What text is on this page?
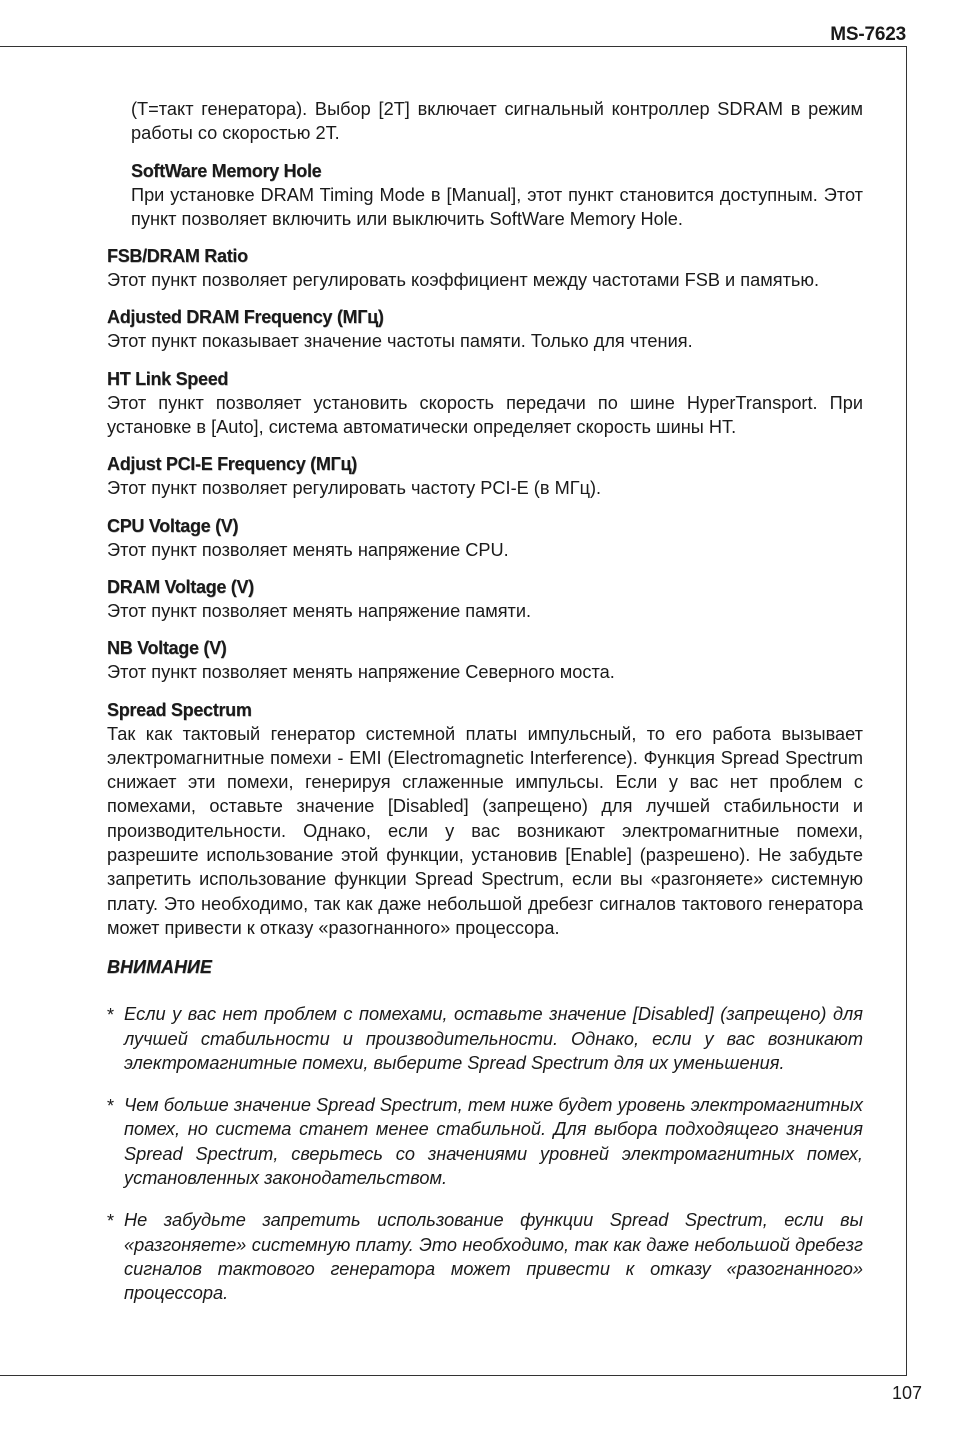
MS-7623

(T=такт генератора). Выбор [2T] включает сигнальный контроллер SDRAM в режим работы со скоростью 2T.

SoftWare Memory Hole

При установке DRAM Timing Mode в [Manual], этот пункт становится доступным. Этот пункт позволяет включить или выключить SoftWare Memory Hole.

FSB/DRAM Ratio

Этот пункт позволяет регулировать коэффициент между частотами FSB и памятью.

Adjusted DRAM Frequency (МГц)

Этот пункт показывает значение частоты памяти. Только для чтения.

HT Link Speed

Этот пункт позволяет установить скорость передачи по шине HyperTransport. При установке в [Auto], система автоматически определяет скорость шины HT.

Adjust PCI-E Frequency (МГц)

Этот пункт позволяет регулировать частоту PCI-E (в МГц).

CPU Voltage (V)

Этот пункт позволяет менять напряжение CPU.

DRAM Voltage (V)

Этот пункт позволяет менять напряжение памяти.

NB Voltage (V)

Этот пункт позволяет менять напряжение Северного моста.

Spread Spectrum

Так как тактовый генератор системной платы импульсный, то его работа вызывает электромагнитные помехи - EMI (Electromagnetic Interference). Функция Spread Spectrum снижает эти помехи, генерируя сглаженные импульсы. Если у вас нет проблем с помехами, оставьте значение [Disabled] (запрещено) для лучшей стабильности и производительности. Однако, если у вас возникают электромагнитные помехи, разрешите использование этой функции, установив [Enable] (разрешено). Не забудьте запретить использование функции Spread Spectrum, если вы «разгоняете» системную плату. Это необходимо, так как даже небольшой дребезг сигналов тактового генератора может привести к отказу «разогнанного» процессора.

ВНИМАНИЕ
* Если у вас нет проблем с помехами, оставьте значение [Disabled] (запрещено) для лучшей стабильности и производительности. Однако, если у вас возникают электромагнитные помехи, выберите Spread Spectrum для их уменьшения.
* Чем больше значение Spread Spectrum, тем ниже будет уровень электромагнитных помех, но система станет менее стабильной. Для выбора подходящего значения Spread Spectrum, сверьтесь со значениями уровней электромагнитных помех, установленных законодательством.
* Не забудьте запретить использование функции Spread Spectrum, если вы «разгоняете» системную плату. Это необходимо, так как даже небольшой дребезг сигналов тактового генератора может привести к отказу «разогнанного» процессора.
107
